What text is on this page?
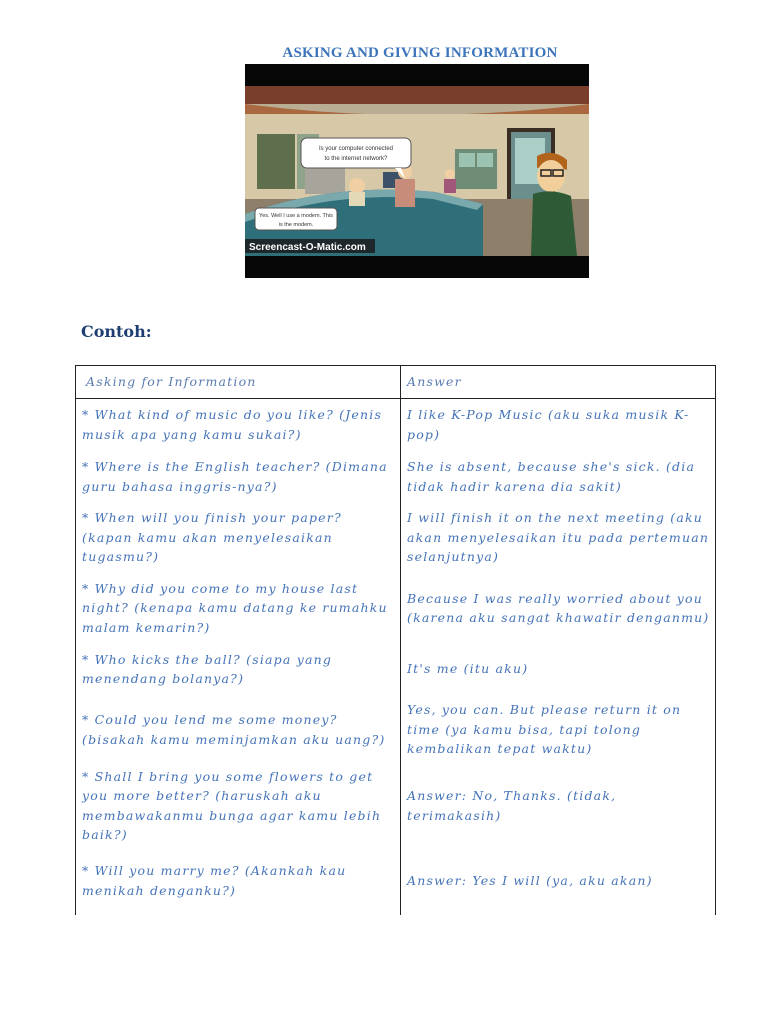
ASKING AND GIVING INFORMATION
Is your computer connected
to the internet network?
Yes. Well I use a modem. This
is the modem.
Screencast-O-Matic.com
Contoh:
Asking for Information	Answer
* What kind of music do you like? (Jenis musik apa yang kamu sukai?)	I like K-Pop Music (aku suka musik K-pop)
* Where is the English teacher? (Dimana guru bahasa inggris-nya?)	She is absent, because she's sick. (dia tidak hadir karena dia sakit)
* When will you finish your paper? (kapan kamu akan menyelesaikan tugasmu?)	I will finish it on the next meeting (aku akan menyelesaikan itu pada pertemuan selanjutnya)
* Why did you come to my house last night? (kenapa kamu datang ke rumahku malam kemarin?)	Because I was really worried about you (karena aku sangat khawatir denganmu)
* Who kicks the ball? (siapa yang menendang bolanya?)	It's me (itu aku)
* Could you lend me some money? (bisakah kamu meminjamkan aku uang?)	Yes, you can. But please return it on time (ya kamu bisa, tapi tolong kembalikan tepat waktu)
* Shall I bring you some flowers to get you more better? (haruskah aku membawakanmu bunga agar kamu lebih baik?)	Answer: No, Thanks. (tidak, terimakasih)
* Will you marry me? (Akankah kau menikah denganku?)	Answer: Yes I will (ya, aku akan)
